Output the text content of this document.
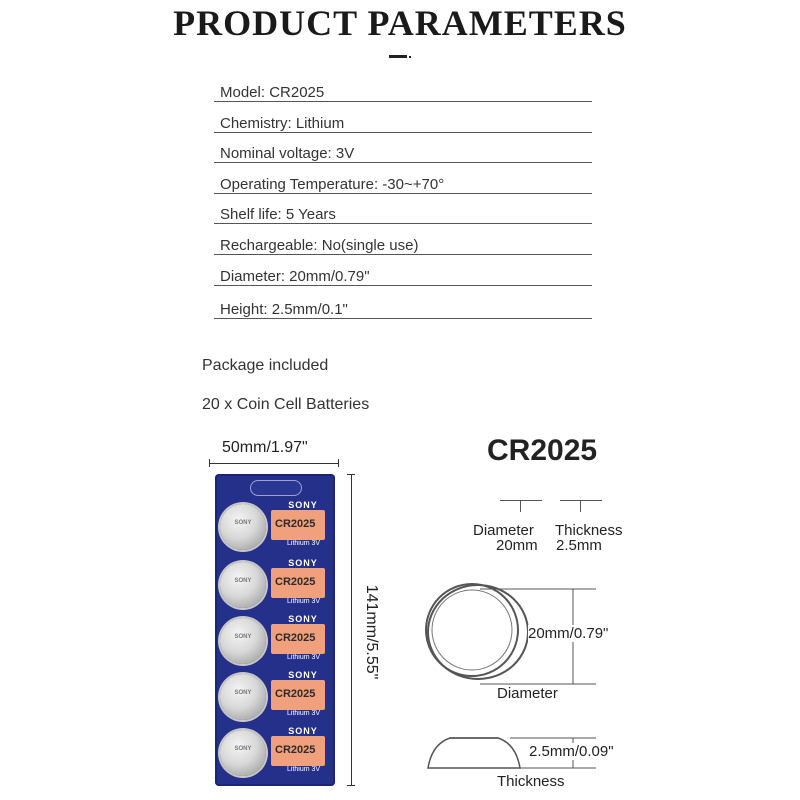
PRODUCT PARAMETERS
Model: CR2025
Chemistry: Lithium
Nominal voltage: 3V
Operating Temperature: -30~+70°
Shelf life: 5 Years
Rechargeable: No(single use)
Diameter: 20mm/0.79"
Height: 2.5mm/0.1"
Package included
20 x Coin Cell Batteries
50mm/1.97"
141mm/5.55"
SONY
CR2025
Lithium 3V
SONY
SONY
CR2025
Lithium 3V
SONY
SONY
CR2025
Lithium 3V
SONY
SONY
CR2025
Lithium 3V
SONY
SONY
CR2025
Lithium 3V
SONY
CR2025
Diameter
20mm
Thickness
2.5mm
20mm/0.79"
Diameter
2.5mm/0.09"
Thickness
